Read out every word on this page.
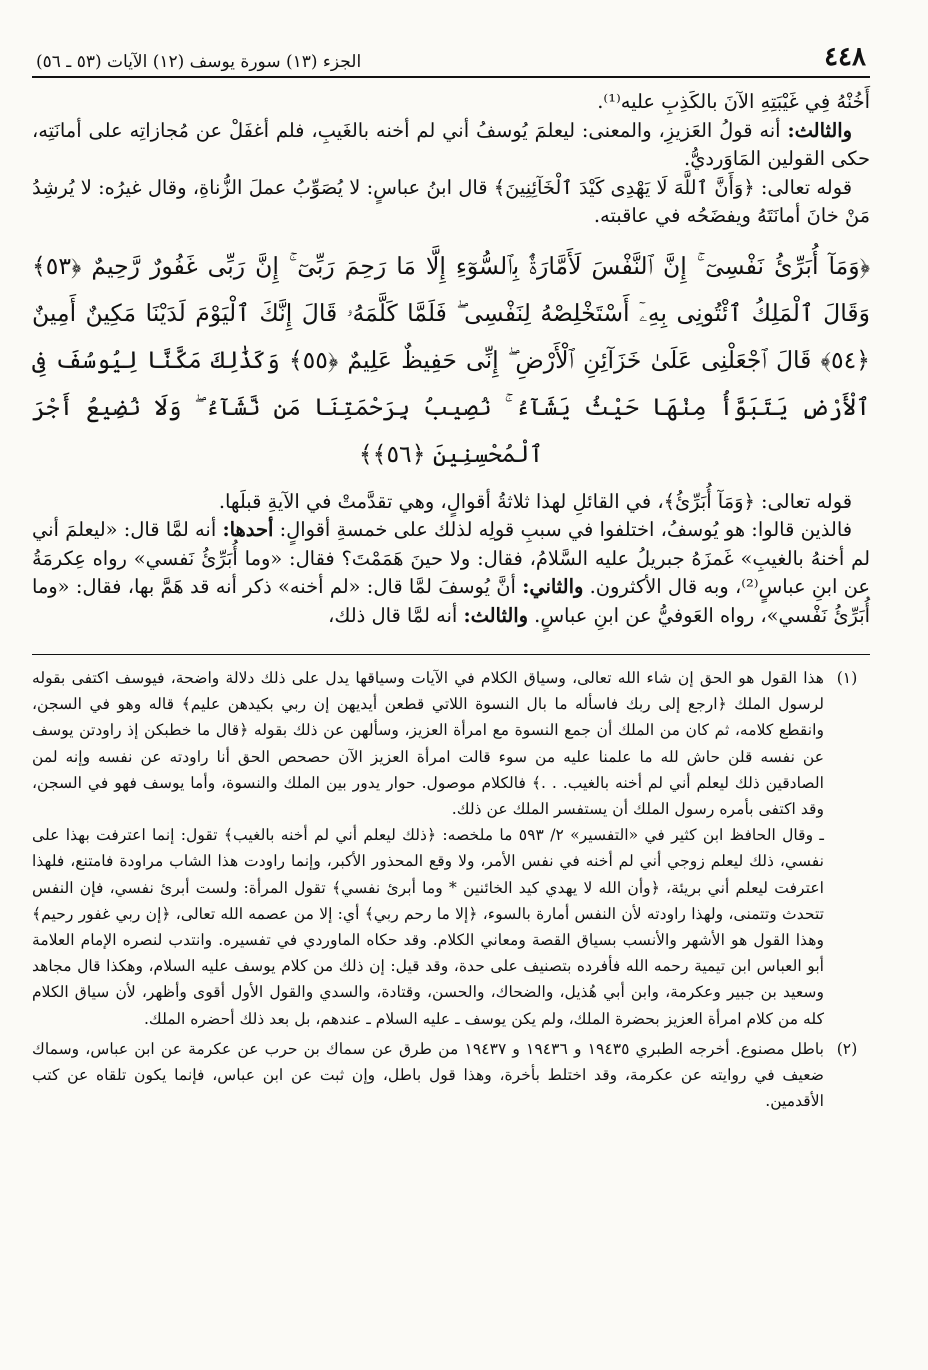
٤٤٨
الجزء (١٣) سورة يوسف (١٢) الآيات (٥٣ ـ ٥٦)

أَخُنْهُ فِي غَيْبَتِهِ الآنَ بالكَذِبِ عليه⁽¹⁾.

والثالث: أنه قولُ العَزيزِ، والمعنى: ليعلمَ يُوسفُ أني لم أخنه بالغَيبِ، فلم أغفَلْ عن مُجازاتِه على أمانَتِه، حكى القولين المَاوَرديُّ.

قوله تعالى: ﴿وَأَنَّ ٱللَّهَ لَا يَهْدِى كَيْدَ ٱلْخَآئِنِينَ﴾ قال ابنُ عباسٍ: لا يُصَوِّبُ عملَ الزُّناةِ، وقال غيرُه: لا يُرشِدُ مَنْ خانَ أمانَتَهُ ويفضَحُه في عاقبته.

﴿وَمَآ أُبَرِّئُ نَفْسِىٓ ۚ إِنَّ ٱلنَّفْسَ لَأَمَّارَةٌۢ بِٱلسُّوٓءِ إِلَّا مَا رَحِمَ رَبِّىٓ ۚ إِنَّ رَبِّى غَفُورٌ رَّحِيمٌ ﴿٥٣﴾ وَقَالَ ٱلْمَلِكُ ٱئْتُونِى بِهِۦٓ أَسْتَخْلِصْهُ لِنَفْسِى ۖ فَلَمَّا كَلَّمَهُۥ قَالَ إِنَّكَ ٱلْيَوْمَ لَدَيْنَا مَكِينٌ أَمِينٌ ﴿٥٤﴾ قَالَ ٱجْعَلْنِى عَلَىٰ خَزَآئِنِ ٱلْأَرْضِ ۖ إِنِّى حَفِيظٌ عَلِيمٌ ﴿٥٥﴾ وَكَذَٰلِكَ مَكَّنَّا لِيُوسُفَ فِى ٱلْأَرْضِ يَتَبَوَّأُ مِنْهَا حَيْثُ يَشَآءُ ۚ نُصِيبُ بِرَحْمَتِنَا مَن نَّشَآءُ ۖ وَلَا نُضِيعُ أَجْرَ ٱلْمُحْسِنِينَ ﴿٥٦﴾﴾

قوله تعالى: ﴿وَمَآ أُبَرِّئُ﴾، في القائلِ لهذا ثلاثةُ أقوالٍ، وهي تقدَّمتْ في الآيةِ قبلَها.

فالذين قالوا: هو يُوسفُ، اختلفوا في سببِ قولِه لذلك على خمسةِ أقوالٍ: أحدها: أنه لمَّا قال: «ليعلمَ أني لم أخنهُ بالغيبِ» غَمزَهُ جبريلُ عليه السَّلامُ، فقال: ولا حينَ هَمَمْتَ؟ فقال: «وما أُبَرِّئُ نَفسي» رواه عِكرمَةُ عن ابنِ عباسٍ⁽²⁾، وبه قال الأكثرون. والثاني: أنَّ يُوسفَ لمَّا قال: «لم أخنه» ذكر أنه قد هَمَّ بها، فقال: «وما أُبَرِّئُ نَفْسي»، رواه العَوفيُّ عن ابنِ عباسٍ. والثالث: أنه لمَّا قال ذلك،

(١)

هذا القول هو الحق إن شاء الله تعالى، وسياق الكلام في الآيات وسياقها يدل على ذلك دلالة واضحة، فيوسف اكتفى بقوله لرسول الملك ﴿ارجع إلى ربك فاسأله ما بال النسوة اللاتي قطعن أيديهن إن ربي بكيدهن عليم﴾ قاله وهو في السجن، وانقطع كلامه، ثم كان من الملك أن جمع النسوة مع امرأة العزيز، وسألهن عن ذلك بقوله ﴿قال ما خطبكن إذ راودتن يوسف عن نفسه قلن حاش لله ما علمنا عليه من سوء قالت امرأة العزيز الآن حصحص الحق أنا راودته عن نفسه وإنه لمن الصادقين ذلك ليعلم أني لم أخنه بالغيب. . .﴾ فالكلام موصول. حوار يدور بين الملك والنسوة، وأما يوسف فهو في السجن، وقد اكتفى بأمره رسول الملك أن يستفسر الملك عن ذلك.

ـ وقال الحافظ ابن كثير في «التفسير» ٢/ ٥٩٣ ما ملخصه: ﴿ذلك ليعلم أني لم أخنه بالغيب﴾ تقول: إنما اعترفت بهذا على نفسي، ذلك ليعلم زوجي أني لم أخنه في نفس الأمر، ولا وقع المحذور الأكبر، وإنما راودت هذا الشاب مراودة فامتنع، فلهذا اعترفت ليعلم أني بريئة، ﴿وأن الله لا يهدي كيد الخائنين * وما أبرئ نفسي﴾ تقول المرأة: ولست أبرئ نفسي، فإن النفس تتحدث وتتمنى، ولهذا راودته لأن النفس أمارة بالسوء، ﴿إلا ما رحم ربي﴾ أي: إلا من عصمه الله تعالى، ﴿إن ربي غفور رحيم﴾ وهذا القول هو الأشهر والأنسب بسياق القصة ومعاني الكلام. وقد حكاه الماوردي في تفسيره. وانتدب لنصره الإمام العلامة أبو العباس ابن تيمية رحمه الله فأفرده بتصنيف على حدة، وقد قيل: إن ذلك من كلام يوسف عليه السلام، وهكذا قال مجاهد وسعيد بن جبير وعكرمة، وابن أبي هُذيل، والضحاك، والحسن، وقتادة، والسدي والقول الأول أقوى وأظهر، لأن سياق الكلام كله من كلام امرأة العزيز بحضرة الملك، ولم يكن يوسف ـ عليه السلام ـ عندهم، بل بعد ذلك أحضره الملك.

(٢)

باطل مصنوع. أخرجه الطبري ١٩٤٣٥ و ١٩٤٣٦ و ١٩٤٣٧ من طرق عن سماك بن حرب عن عكرمة عن ابن عباس، وسماك ضعيف في روايته عن عكرمة، وقد اختلط بأخرة، وهذا قول باطل، وإن ثبت عن ابن عباس، فإنما يكون تلقاه عن كتب الأقدمين.
